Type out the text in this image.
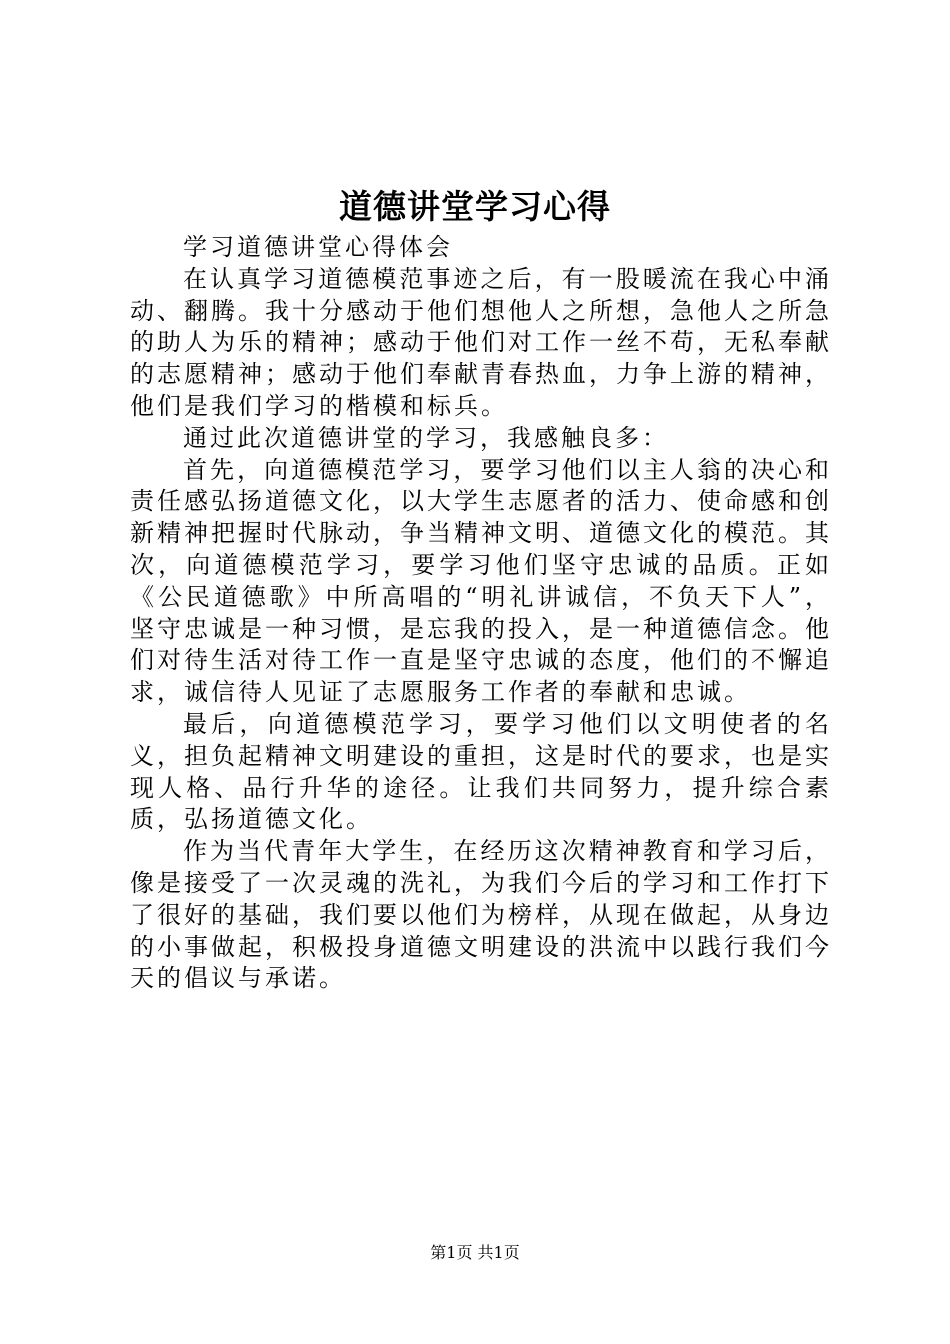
道德讲堂学习心得

学习道德讲堂心得体会

在认真学习道德模范事迹之后，有一股暖流在我心中涌动、翻腾。我十分感动于他们想他人之所想，急他人之所急的助人为乐的精神；感动于他们对工作一丝不苟，无私奉献的志愿精神；感动于他们奉献青春热血，力争上游的精神，他们是我们学习的楷模和标兵。

通过此次道德讲堂的学习，我感触良多：

首先，向道德模范学习，要学习他们以主人翁的决心和责任感弘扬道德文化，以大学生志愿者的活力、使命感和创新精神把握时代脉动，争当精神文明、道德文化的模范。其次，向道德模范学习，要学习他们坚守忠诚的品质。正如《公民道德歌》中所高唱的“明礼讲诚信，不负天下人”，坚守忠诚是一种习惯，是忘我的投入，是一种道德信念。他们对待生活对待工作一直是坚守忠诚的态度，他们的不懈追求，诚信待人见证了志愿服务工作者的奉献和忠诚。

最后，向道德模范学习，要学习他们以文明使者的名义，担负起精神文明建设的重担，这是时代的要求，也是实现人格、品行升华的途径。让我们共同努力，提升综合素质，弘扬道德文化。

作为当代青年大学生，在经历这次精神教育和学习后，像是接受了一次灵魂的洗礼，为我们今后的学习和工作打下了很好的基础，我们要以他们为榜样，从现在做起，从身边的小事做起，积极投身道德文明建设的洪流中以践行我们今天的倡议与承诺。

第1页 共1页
